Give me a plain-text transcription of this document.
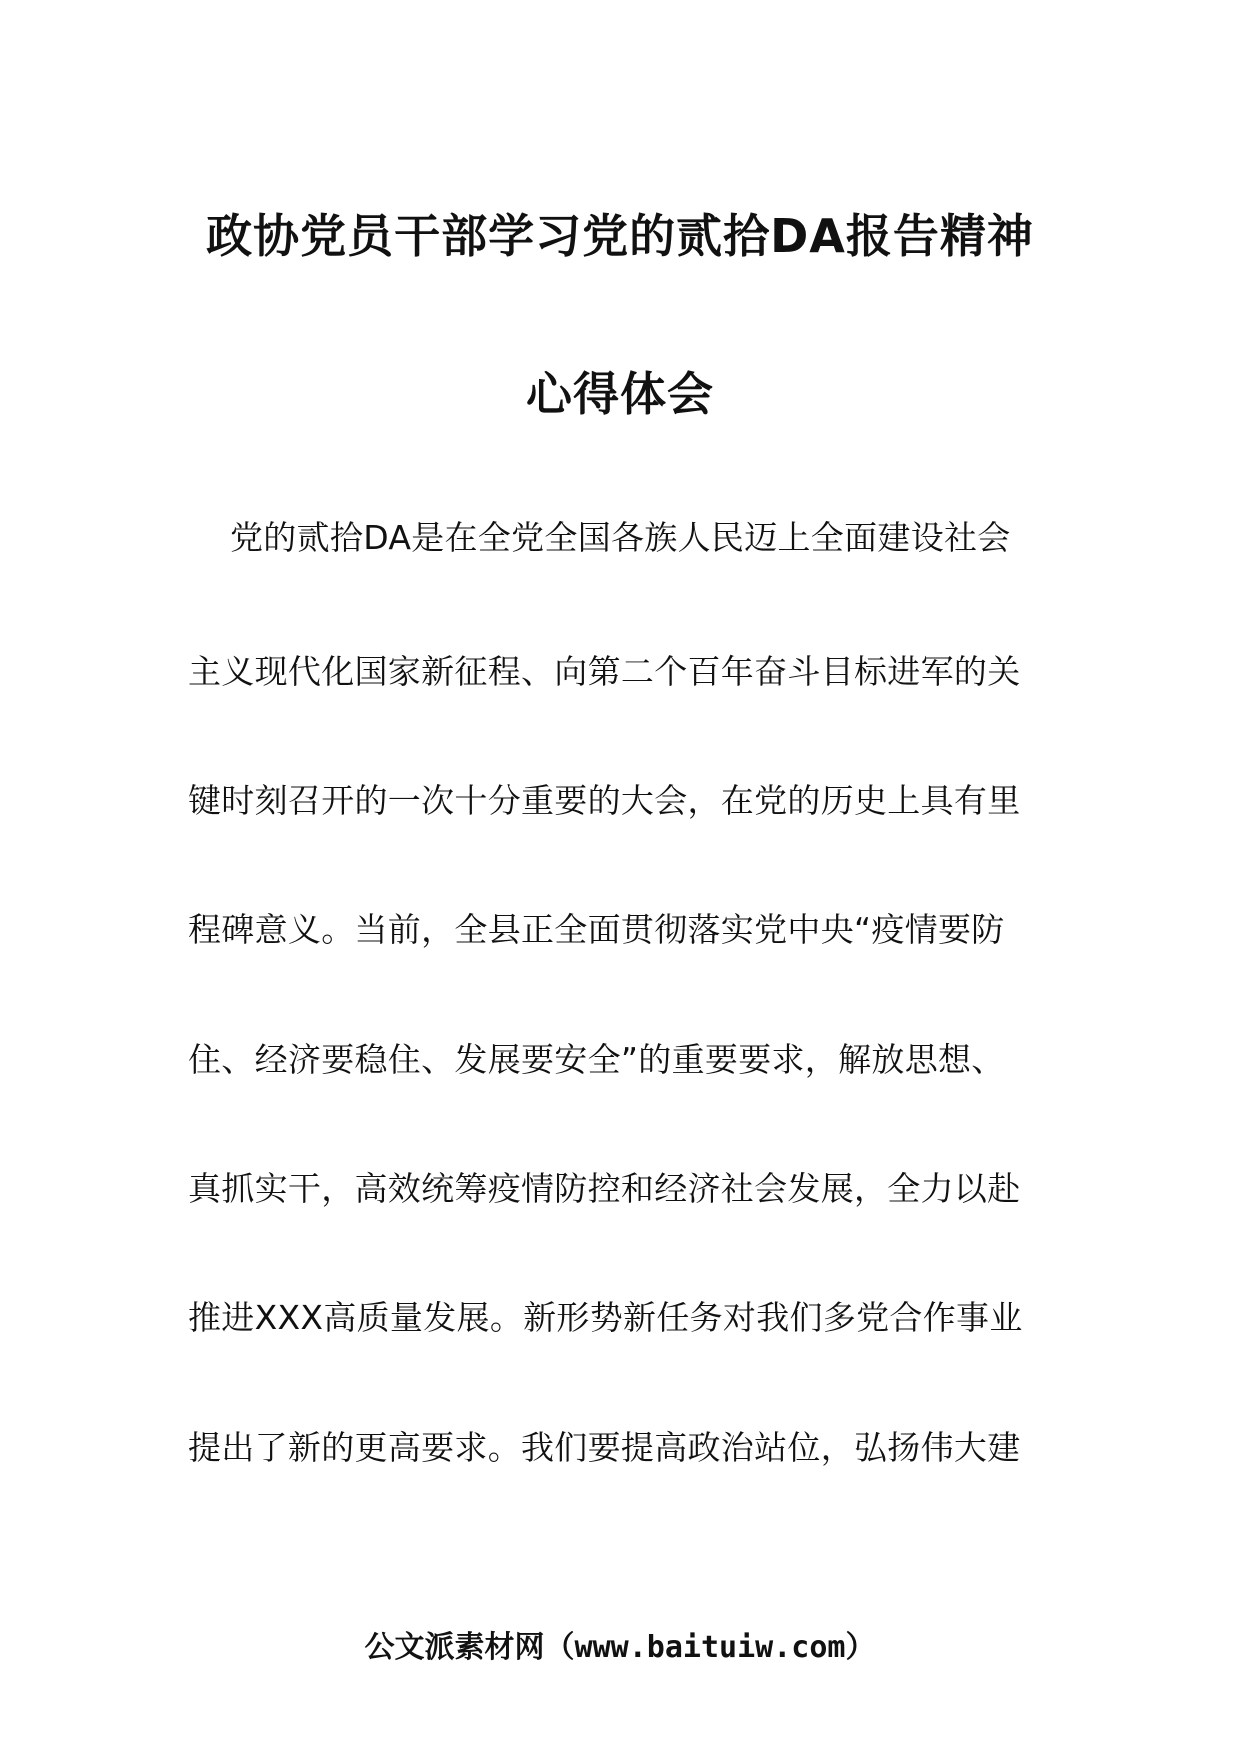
政协党员干部学习党的贰拾DA报告精神
心得体会
党的贰拾DA是在全党全国各族人民迈上全面建设社会
主义现代化国家新征程、向第二个百年奋斗目标进军的关
键时刻召开的一次十分重要的大会，在党的历史上具有里
程碑意义。当前，全县正全面贯彻落实党中央“疫情要防
住、经济要稳住、发展要安全”的重要要求，解放思想、
真抓实干，高效统筹疫情防控和经济社会发展，全力以赴
推进XXX高质量发展。新形势新任务对我们多党合作事业
提出了新的更高要求。我们要提高政治站位，弘扬伟大建
公文派素材网（www.baituiw.com）
